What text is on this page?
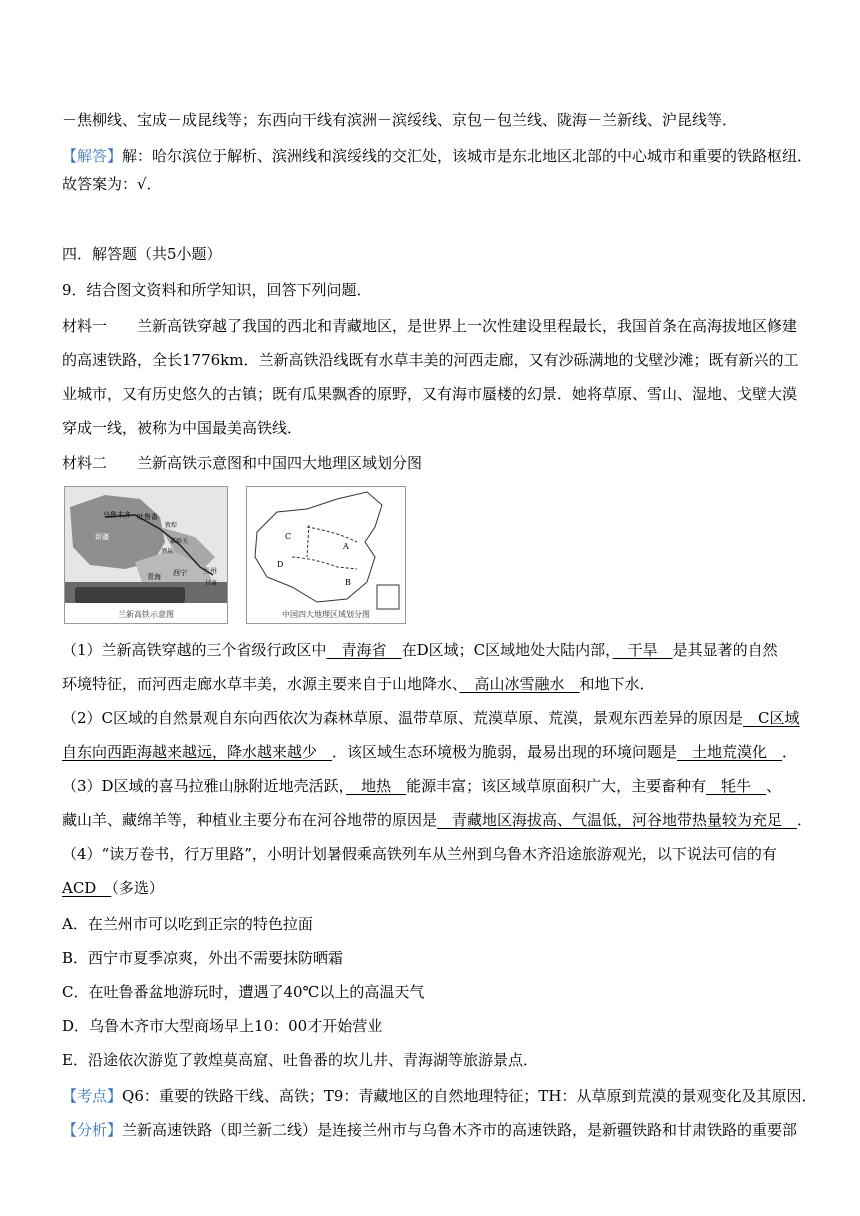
－焦柳线、宝成－成昆线等；东西向干线有滨洲－滨绥线、京包－包兰线、陇海－兰新线、沪昆线等．
【解答】解：哈尔滨位于解析、滨洲线和滨绥线的交汇处，该城市是东北地区北部的中心城市和重要的铁路枢纽．
故答案为：√．
四．解答题（共5小题）
9．结合图文资料和所学知识，回答下列问题．
材料一　　兰新高铁穿越了我国的西北和青藏地区，是世界上一次性建设里程最长，我国首条在高海拔地区修建
的高速铁路，全长1776km．兰新高铁沿线既有水草丰美的河西走廊，又有沙砾满地的戈壁沙滩；既有新兴的工
业城市，又有历史悠久的古镇；既有瓜果飘香的原野，又有海市蜃楼的幻景．她将草原、雪山、湿地、戈壁大漠
穿成一线，被称为中国最美高铁线．
材料二　　兰新高铁示意图和中国四大地理区域划分图
乌鲁木齐 吐鲁番
新疆
敦煌
嘉峪关
青海 西宁 兰州
甘肃
酒泉
兰新高铁示意图
C
D
A
B
中国四大地理区域划分图
（1）兰新高铁穿越的三个省级行政区中　青海省　在D区域；C区域地处大陆内部，　干旱　是其显著的自然
环境特征，而河西走廊水草丰美，水源主要来自于山地降水、　高山冰雪融水　和地下水．
（2）C区域的自然景观自东向西依次为森林草原、温带草原、荒漠草原、荒漠，景观东西差异的原因是　C区域
自东向西距海越来越远，降水越来越少　．该区域生态环境极为脆弱，最易出现的环境问题是　土地荒漠化　．
（3）D区域的喜马拉雅山脉附近地壳活跃，　地热　能源丰富；该区域草原面积广大，主要畜种有　牦牛　、
藏山羊、藏绵羊等，种植业主要分布在河谷地带的原因是　青藏地区海拔高、气温低，河谷地带热量较为充足　．
（4）“读万卷书，行万里路”，小明计划暑假乘高铁列车从兰州到乌鲁木齐沿途旅游观光，以下说法可信的有
ACD　（多选）
A．在兰州市可以吃到正宗的特色拉面
B．西宁市夏季凉爽，外出不需要抹防晒霜
C．在吐鲁番盆地游玩时，遭遇了40℃以上的高温天气
D．乌鲁木齐市大型商场早上10：00才开始营业
E．沿途依次游览了敦煌莫高窟、吐鲁番的坎儿井、青海湖等旅游景点．
【考点】Q6：重要的铁路干线、高铁；T9：青藏地区的自然地理特征；TH：从草原到荒漠的景观变化及其原因．
【分析】兰新高速铁路（即兰新二线）是连接兰州市与乌鲁木齐市的高速铁路，是新疆铁路和甘肃铁路的重要部
